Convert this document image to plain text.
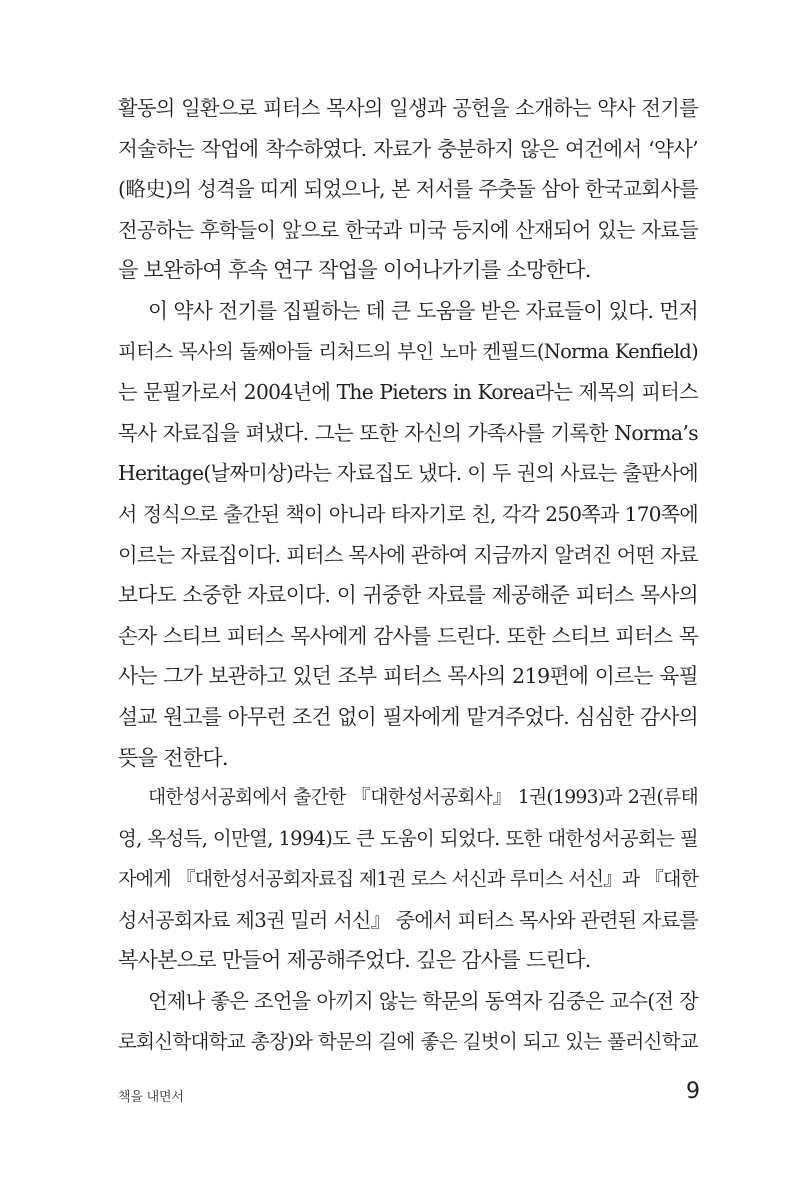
활동의 일환으로 피터스 목사의 일생과 공헌을 소개하는 약사 전기를
저술하는 작업에 착수하였다. 자료가 충분하지 않은 여건에서 ‘약사’
(略史)의 성격을 띠게 되었으나, 본 저서를 주춧돌 삼아 한국교회사를
전공하는 후학들이 앞으로 한국과 미국 등지에 산재되어 있는 자료들
을 보완하여 후속 연구 작업을 이어나가기를 소망한다.
이 약사 전기를 집필하는 데 큰 도움을 받은 자료들이 있다. 먼저
피터스 목사의 둘째아들 리처드의 부인 노마 켄필드(Norma Kenfield)
는 문필가로서 2004년에 The Pieters in Korea라는 제목의 피터스
목사 자료집을 펴냈다. 그는 또한 자신의 가족사를 기록한 Norma’s
Heritage(날짜미상)라는 자료집도 냈다. 이 두 권의 사료는 출판사에
서 정식으로 출간된 책이 아니라 타자기로 친, 각각 250쪽과 170쪽에
이르는 자료집이다. 피터스 목사에 관하여 지금까지 알려진 어떤 자료
보다도 소중한 자료이다. 이 귀중한 자료를 제공해준 피터스 목사의
손자 스티브 피터스 목사에게 감사를 드린다. 또한 스티브 피터스 목
사는 그가 보관하고 있던 조부 피터스 목사의 219편에 이르는 육필
설교 원고를 아무런 조건 없이 필자에게 맡겨주었다. 심심한 감사의
뜻을 전한다.
대한성서공회에서 출간한 『대한성서공회사』 1권(1993)과 2권(류태
영, 옥성득, 이만열, 1994)도 큰 도움이 되었다. 또한 대한성서공회는 필
자에게 『대한성서공회자료집 제1권 로스 서신과 루미스 서신』과 『대한
성서공회자료 제3권 밀러 서신』 중에서 피터스 목사와 관련된 자료를
복사본으로 만들어 제공해주었다. 깊은 감사를 드린다.
언제나 좋은 조언을 아끼지 않는 학문의 동역자 김중은 교수(전 장
로회신학대학교 총장)와 학문의 길에 좋은 길벗이 되고 있는 풀러신학교
책을 내면서	9
